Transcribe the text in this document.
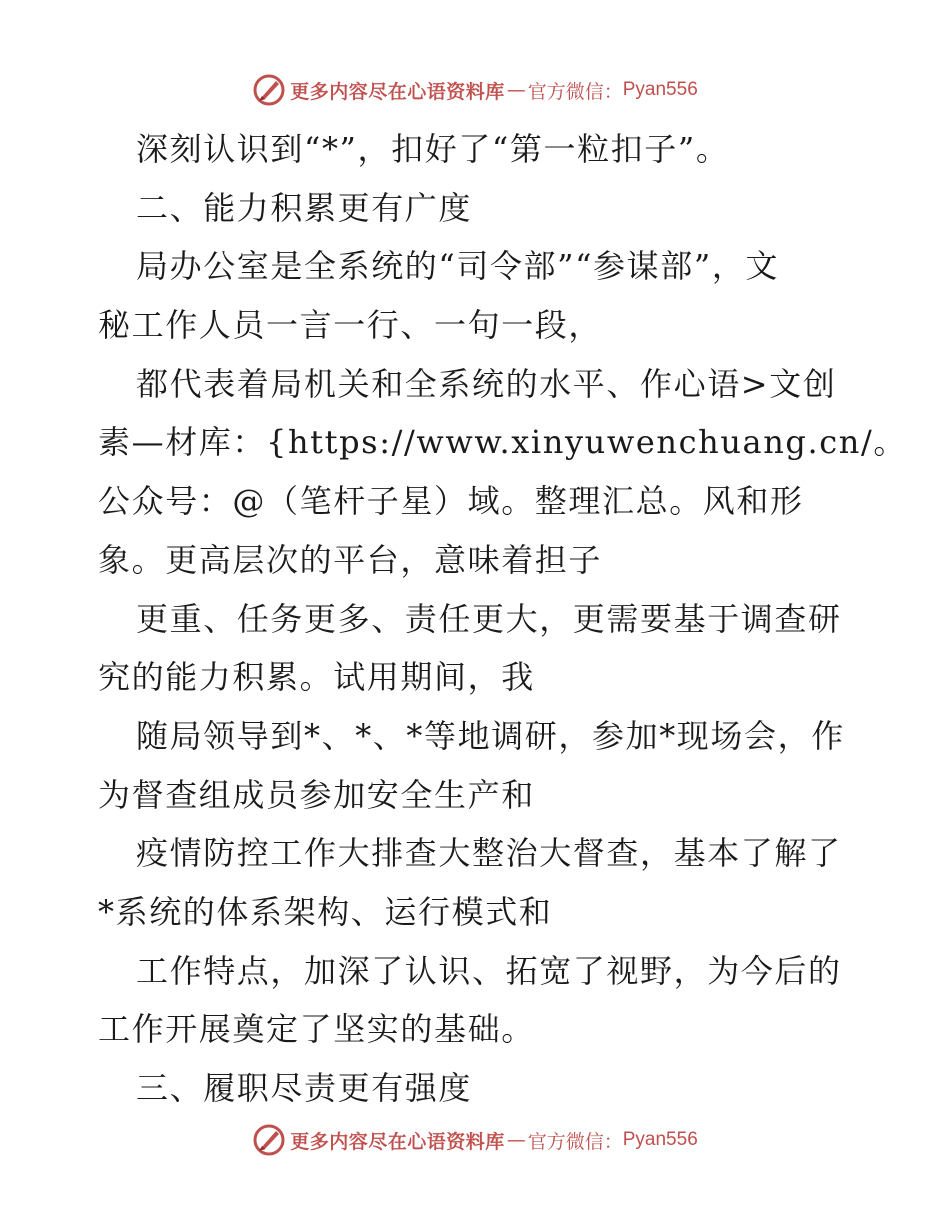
更多内容尽在心语资料库 — 官方微信： Pyan556
深刻认识到“*”，扣好了“第一粒扣子”。
二、能力积累更有广度
局办公室是全系统的“司令部”“参谋部”，文
秘工作人员一言一行、一句一段，
都代表着局机关和全系统的水平、作心语>文创
素—材库：{https://www.xinyuwenchuang.cn/。
公众号：@（笔杆子星）域。整理汇总。风和形
象。更高层次的平台，意味着担子
更重、任务更多、责任更大，更需要基于调查研
究的能力积累。试用期间，我
随局领导到*、*、*等地调研，参加*现场会，作
为督查组成员参加安全生产和
疫情防控工作大排查大整治大督查，基本了解了
*系统的体系架构、运行模式和
工作特点，加深了认识、拓宽了视野，为今后的
工作开展奠定了坚实的基础。
三、履职尽责更有强度
更多内容尽在心语资料库 — 官方微信： Pyan556
